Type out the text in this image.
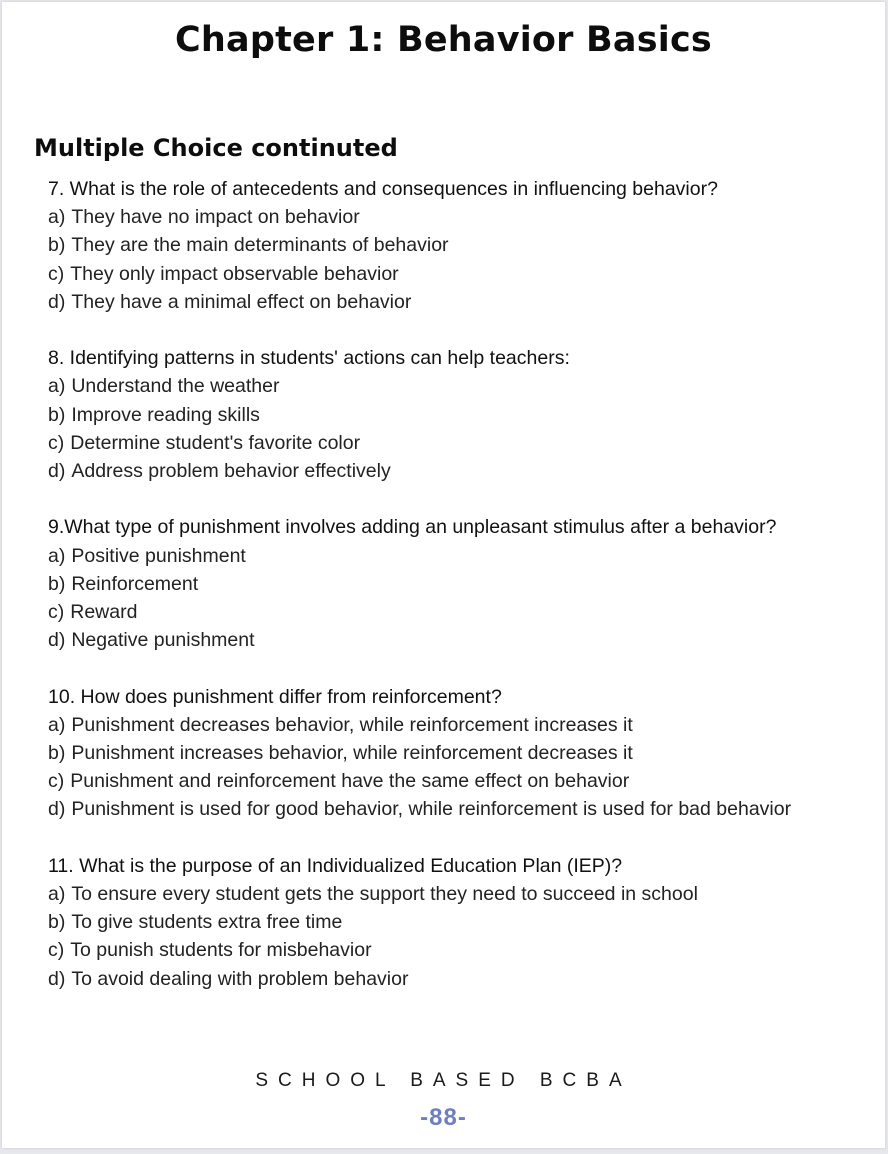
Chapter 1: Behavior Basics
Multiple Choice continuted

7. What is the role of antecedents and consequences in influencing behavior?

a) They have no impact on behavior
b) They are the main determinants of behavior
c) They only impact observable behavior
d) They have a minimal effect on behavior

8. Identifying patterns in students' actions can help teachers:

a) Understand the weather
b) Improve reading skills
c) Determine student's favorite color
d) Address problem behavior effectively

9.What type of punishment involves adding an unpleasant stimulus after a behavior?

a) Positive punishment
b) Reinforcement
c) Reward
d) Negative punishment

10. How does punishment differ from reinforcement?

a) Punishment decreases behavior, while reinforcement increases it
b) Punishment increases behavior, while reinforcement decreases it
c) Punishment and reinforcement have the same effect on behavior
d) Punishment is used for good behavior, while reinforcement is used for bad behavior

11. What is the purpose of an Individualized Education Plan (IEP)?

a) To ensure every student gets the support they need to succeed in school
b) To give students extra free time
c) To punish students for misbehavior
d) To avoid dealing with problem behavior
SCHOOL BASED BCBA
-88-
